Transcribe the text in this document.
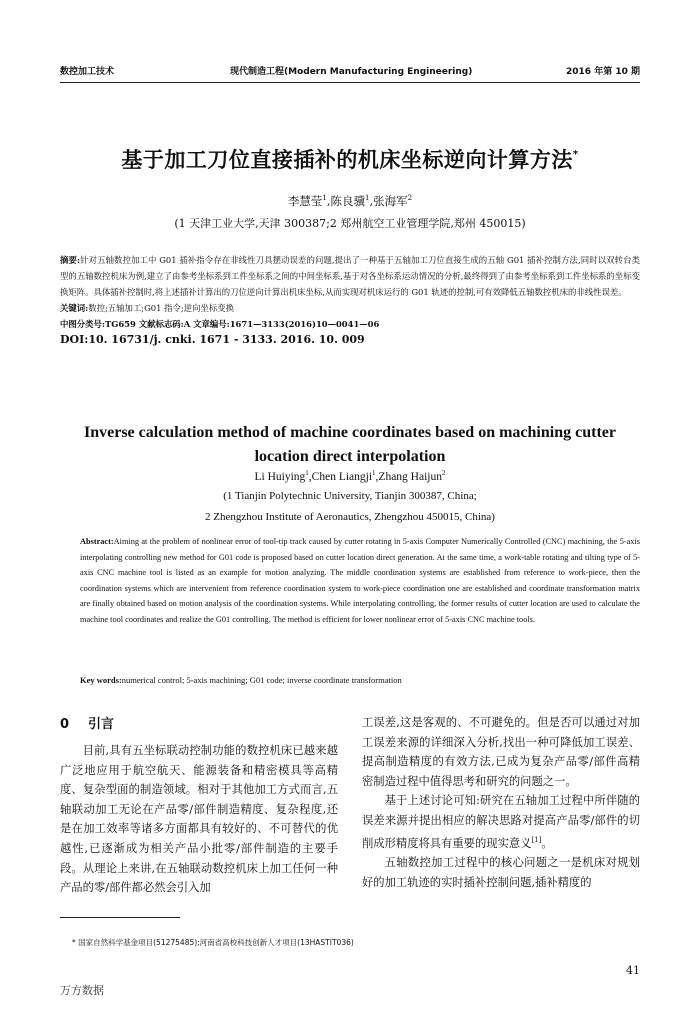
数控加工技术	现代制造工程(Modern Manufacturing Engineering)	2016 年第 10 期
基于加工刀位直接插补的机床坐标逆向计算方法*
李慧莹$^1$,陈良骥$^1$,张海军$^2$
(1 天津工业大学,天津 300387;2 郑州航空工业管理学院,郑州 450015)

摘要:针对五轴数控加工中 G01 插补指令存在非线性刀具摆动误差的问题,提出了一种基于五轴加工刀位直接生成的五轴 G01 插补控制方法,同时以双转台类型的五轴数控机床为例,建立了由参考坐标系到工件坐标系之间的中间坐标系,基于对各坐标系运动情况的分析,最终得到了由参考坐标系到工件坐标系的坐标变换矩阵。具体插补控制时,将上述插补计算出的刀位逆向计算出机床坐标,从而实现对机床运行的 G01 轨迹的控制,可有效降低五轴数控机床的非线性误差。

关键词:数控;五轴加工;G01 指令;逆向坐标变换

中图分类号:TG659 文献标志码:A 文章编号:1671—3133(2016)10—0041—06

DOI:10. 16731/j. cnki. 1671 - 3133. 2016. 10. 009

Inverse calculation method of machine coordinates based on machining cutter location direct interpolation
Li Huiying$^1$,Chen Liangji$^1$,Zhang Haijun$^2$
(1 Tianjin Polytechnic University, Tianjin 300387, China;
2 Zhengzhou Institute of Aeronautics, Zhengzhou 450015, China)

Abstract:Aiming at the problem of nonlinear error of tool-tip track caused by cutter rotating in 5-axis Computer Numerically Controlled (CNC) machining, the 5-axis interpolating controlling new method for G01 code is proposed based on cutter location direct generation. At the same time, a work-table rotating and tilting type of 5-axis CNC machine tool is listed as an example for motion analyzing. The middle coordination systems are established from reference to work-piece, then the coordination systems which are intervenient from reference coordination system to work-piece coordination one are established and coordinate transformation matrix are finally obtained based on motion analysis of the coordination systems. While interpolating controlling, the former results of cutter location are used to calculate the machine tool coordinates and realize the G01 controlling. The method is efficient for lower nonlinear error of 5-axis CNC machine tools.

Key words:numerical control; 5-axis machining; G01 code; inverse coordinate transformation
0 引言

目前,具有五坐标联动控制功能的数控机床已越来越广泛地应用于航空航天、能源装备和精密模具等高精度、复杂型面的制造领域。相对于其他加工方式而言,五轴联动加工无论在产品零/部件制造精度、复杂程度,还是在加工效率等诸多方面都具有较好的、不可替代的优越性,已逐渐成为相关产品小批零/部件制造的主要手段。从理论上来讲,在五轴联动数控机床上加工任何一种产品的零/部件都必然会引入加

工误差,这是客观的、不可避免的。但是否可以通过对加工误差来源的详细深入分析,找出一种可降低加工误差、提高制造精度的有效方法,已成为复杂产品零/部件高精密制造过程中值得思考和研究的问题之一。

基于上述讨论可知:研究在五轴加工过程中所伴随的误差来源并提出相应的解决思路对提高产品零/部件的切削成形精度将具有重要的现实意义[1]。

五轴数控加工过程中的核心问题之一是机床对规划好的加工轨迹的实时插补控制问题,插补精度的

* 国家自然科学基金项目(51275485);河南省高校科技创新人才项目(13HASTIT036)
41
万方数据
